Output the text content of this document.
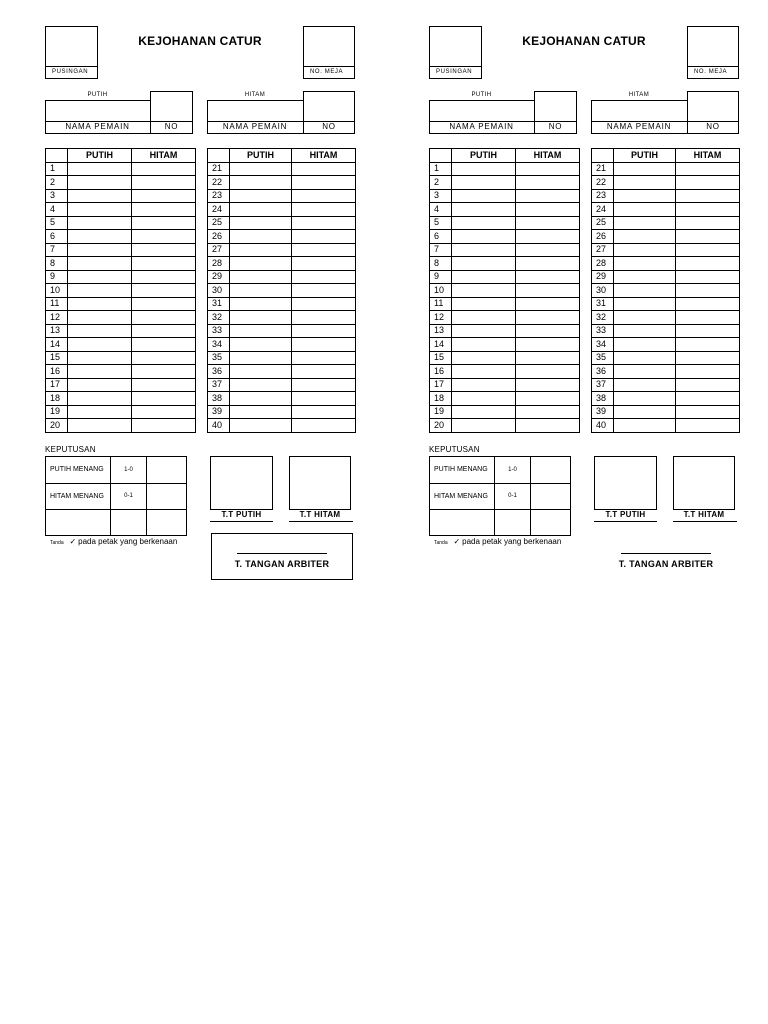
PUSINGAN
KEJOHANAN CATUR
NO. MEJA
PUTIH
NAMA PEMAIN	NO
HITAM
NAMA PEMAIN	NO
	PUTIH	HITAM
1		
2		
3		
4		
5		
6		
7		
8		
9		
10		
11		
12		
13		
14		
15		
16		
17		
18		
19		
20		
	PUTIH	HITAM
21		
22		
23		
24		
25		
26		
27		
28		
29		
30		
31		
32		
33		
34		
35		
36		
37		
38		
39		
40		
KEPUTUSAN
PUTIH MENANG	1-0	
HITAM MENANG	0-1	

T.T PUTIH	T.T HITAM
Tanda ✓ pada petak yang berkenaan
T. TANGAN ARBITER
PUSINGAN
KEJOHANAN CATUR
NO. MEJA
PUTIH
NAMA PEMAIN	NO
HITAM
NAMA PEMAIN	NO
	PUTIH	HITAM
1		
2		
3		
4		
5		
6		
7		
8		
9		
10		
11		
12		
13		
14		
15		
16		
17		
18		
19		
20		
	PUTIH	HITAM
21		
22		
23		
24		
25		
26		
27		
28		
29		
30		
31		
32		
33		
34		
35		
36		
37		
38		
39		
40		
KEPUTUSAN
PUTIH MENANG	1-0	
HITAM MENANG	0-1	

T.T PUTIH	T.T HITAM
Tanda ✓ pada petak yang berkenaan
T. TANGAN ARBITER
